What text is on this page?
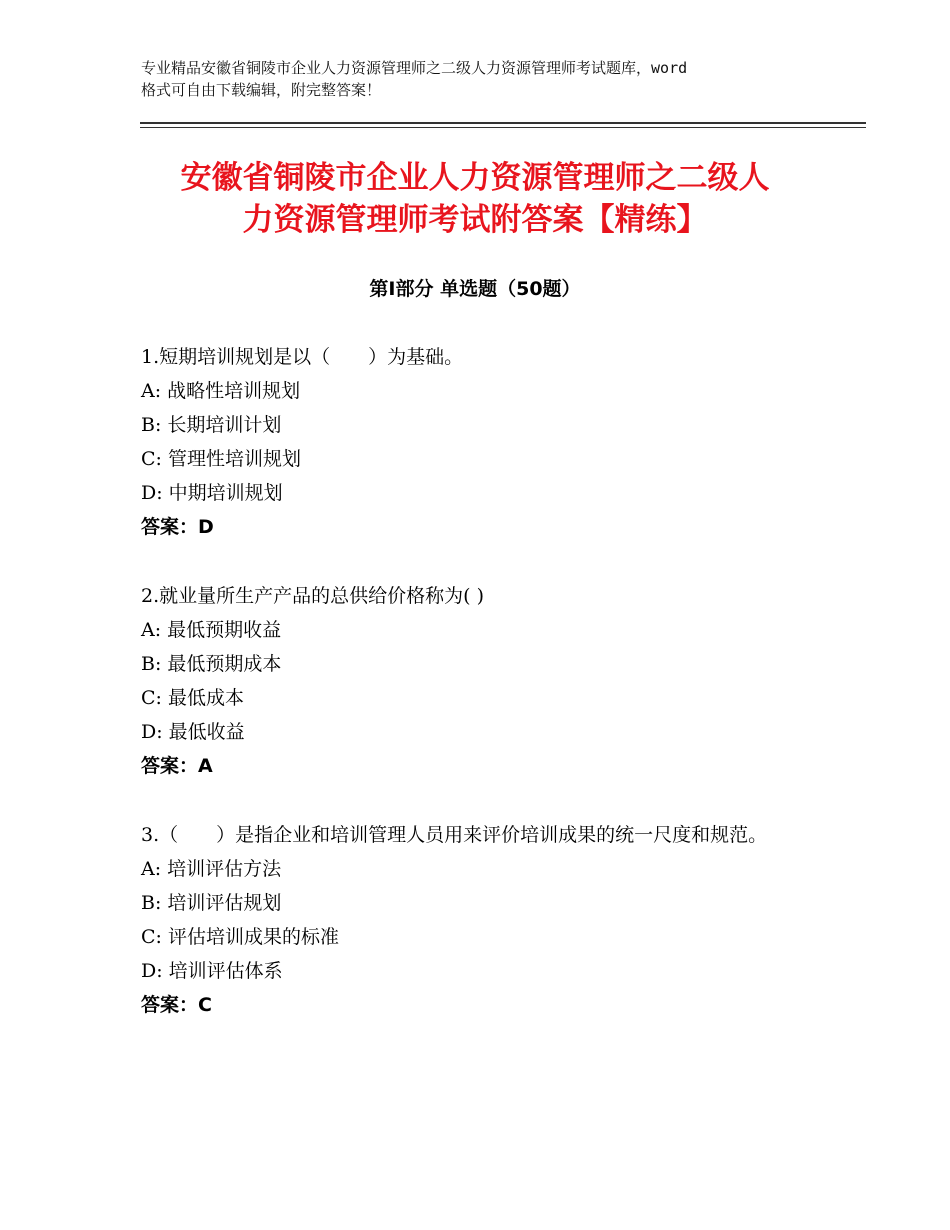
专业精品安徽省铜陵市企业人力资源管理师之二级人力资源管理师考试题库，word
格式可自由下载编辑，附完整答案！
安徽省铜陵市企业人力资源管理师之二级人
力资源管理师考试附答案【精练】
第Ⅰ部分 单选题（50题）
1.短期培训规划是以（　　）为基础。
A: 战略性培训规划
B: 长期培训计划
C: 管理性培训规划
D: 中期培训规划
答案：D
2.就业量所生产产品的总供给价格称为( )
A: 最低预期收益
B: 最低预期成本
C: 最低成本
D: 最低收益
答案：A
3.（　　）是指企业和培训管理人员用来评价培训成果的统一尺度和规范。
A: 培训评估方法
B: 培训评估规划
C: 评估培训成果的标准
D: 培训评估体系
答案：C
